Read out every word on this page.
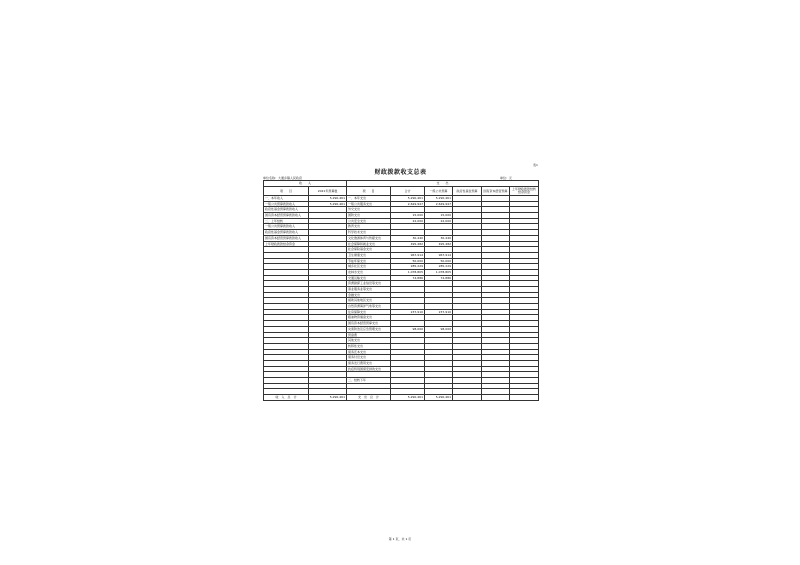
表1
财政拨款收支总表
单位名称：大通乡镇人民政府	单位：元
收　　入		支　　出					
项　　目	2021年预算数	项　　目	合计	一般公共预算	政府性基金预算	国有资本经营预算	上年财政拨款结转结余资金
一、本年收入	5,290,461	一、本年支出	5,290,461	5,290,461			
一般公共预算拨款收入	5,290,461	一般公共服务支出	2,629,947	2,629,947			
政府性基金预算拨款收入		外交支出					
国有资本经营预算拨款收入		国防支出	15,000	15,000			
二、上年结转		公共安全支出	22,000	22,000			
一般公共预算拨款收入		教育支出					
政府性基金预算拨款收入		科学技术支出					
国有资本经营预算拨款收入		文化旅游体育与传媒支出	30,440	30,440			
上年财政拨款结余资金		社会保障和就业支出	495,482	495,482			
		社会保险基金支出					
		卫生健康支出	967,914	967,914			
		节能环保支出	50,000	50,000			
		城乡社区支出	285,229	285,229			
		农林水支出	1,078,805	1,078,805			
		交通运输支出	74,886	74,886			
		资源勘探工业信息等支出					
		商业服务业等支出					
		金融支出					
		援助其他地区支出					
		自然资源海洋气象等支出					
		住房保障支出	237,910	237,910			
		粮油物资储备支出					
		国有资本经营预算支出					
		灾害防治及应急管理支出	98,000	98,000			
		预备费					
		其他支出					
		转移性支出					
		债务还本支出					
		债务付息支出					
		债务发行费用支出					
		抗疫特别国债安排的支出					

		二、结转下年					

收　入　总　计	5,290,461	支　出　总　计	5,290,461	5,290,461			
第 1 页，共 1 页
